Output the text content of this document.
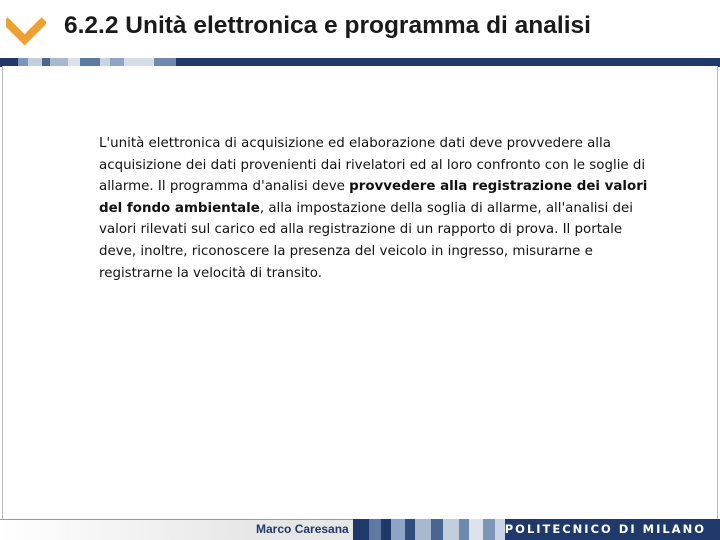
6.2.2 Unità elettronica e programma di analisi
L'unità elettronica di acquisizione ed elaborazione dati deve provvedere alla acquisizione dei dati provenienti dai rivelatori ed al loro confronto con le soglie di allarme. Il programma d'analisi deve provvedere alla registrazione dei valori del fondo ambientale, alla impostazione della soglia di allarme, all'analisi dei valori rilevati sul carico ed alla registrazione di un rapporto di prova. Il portale deve, inoltre, riconoscere la presenza del veicolo in ingresso, misurarne e registrarne la velocità di transito.
Marco Caresana	POLITECNICO DI MILANO
